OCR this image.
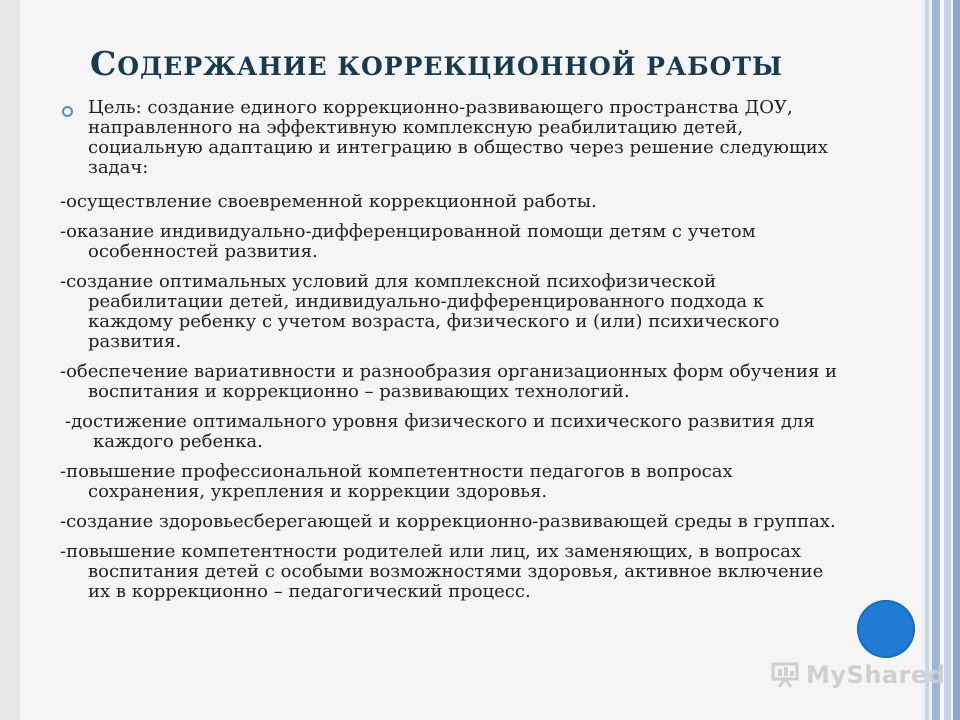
СОДЕРЖАНИЕ КОРРЕКЦИОННОЙ РАБОТЫ
Цель: создание единого коррекционно-развивающего пространства ДОУ, направленного на эффективную комплексную реабилитацию детей, социальную адаптацию и интеграцию в общество через решение следующих задач:
-осуществление своевременной коррекционной работы.
-оказание индивидуально-дифференцированной помощи детям с учетом особенностей развития.
-создание оптимальных условий для комплексной психофизической реабилитации детей, индивидуально-дифференцированного подхода к каждому ребенку с учетом возраста, физического и (или) психического развития.
-обеспечение вариативности и разнообразия организационных форм обучения и воспитания и коррекционно – развивающих технологий.
-достижение оптимального уровня физического и психического развития для каждого ребенка.
-повышение профессиональной компетентности педагогов в вопросах сохранения, укрепления и коррекции здоровья.
-создание здоровьесберегающей и коррекционно-развивающей среды в группах.
-повышение компетентности родителей или лиц, их заменяющих, в вопросах воспитания детей с особыми возможностями здоровья, активное включение их в коррекционно – педагогический процесс.
MyShared
